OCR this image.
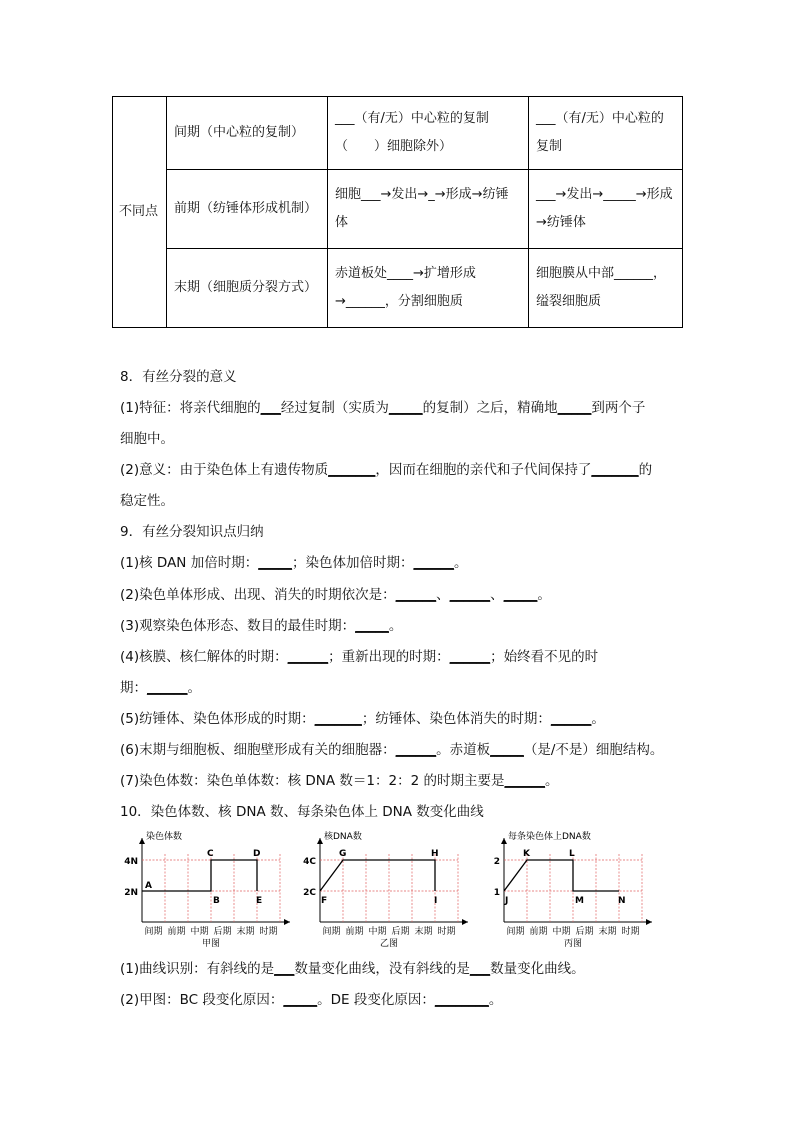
不同点	间期（中心粒的复制）	___（有/无）中心粒的复制（　　）细胞除外）	___（有/无）中心粒的复制
	前期（纺锤体形成机制）	细胞___→发出→_→形成→纺锤体	___→发出→_____→形成→纺锤体
	末期（细胞质分裂方式）	赤道板处____→扩增形成→______，分割细胞质	细胞膜从中部______，缢裂细胞质
8．有丝分裂的意义
(1)特征：将亲代细胞的___经过复制（实质为_____的复制）之后，精确地_____到两个子
细胞中。
(2)意义：由于染色体上有遗传物质_______，因而在细胞的亲代和子代间保持了_______的
稳定性。
9．有丝分裂知识点归纳
(1)核 DAN 加倍时期：_____；染色体加倍时期：______。
(2)染色单体形成、出现、消失的时期依次是：______、______、_____。
(3)观察染色体形态、数目的最佳时期：_____。
(4)核膜、核仁解体的时期：______；重新出现的时期：______；始终看不见的时
期：______。
(5)纺锤体、染色体形成的时期：_______；纺锤体、染色体消失的时期：______。
(6)末期与细胞板、细胞壁形成有关的细胞器：______。赤道板_____（是/不是）细胞结构。
(7)染色体数：染色单体数：核 DNA 数＝1：2：2 的时期主要是______。
10．染色体数、核 DNA 数、每条染色体上 DNA 数变化曲线
染色体数
2N
4N
间期 前期 中期 后期 末期 时期
甲图
A
B
C	D
E
核DNA数
2C
4C
间期 前期 中期 后期 末期 时期
乙图
F
G	H
I
每条染色体上DNA数
1
2
间期 前期 中期 后期 末期 时期
丙图
J
K	L
M	N
(1)曲线识别：有斜线的是___数量变化曲线，没有斜线的是___数量变化曲线。
(2)甲图：BC 段变化原因：_____。DE 段变化原因：________。
